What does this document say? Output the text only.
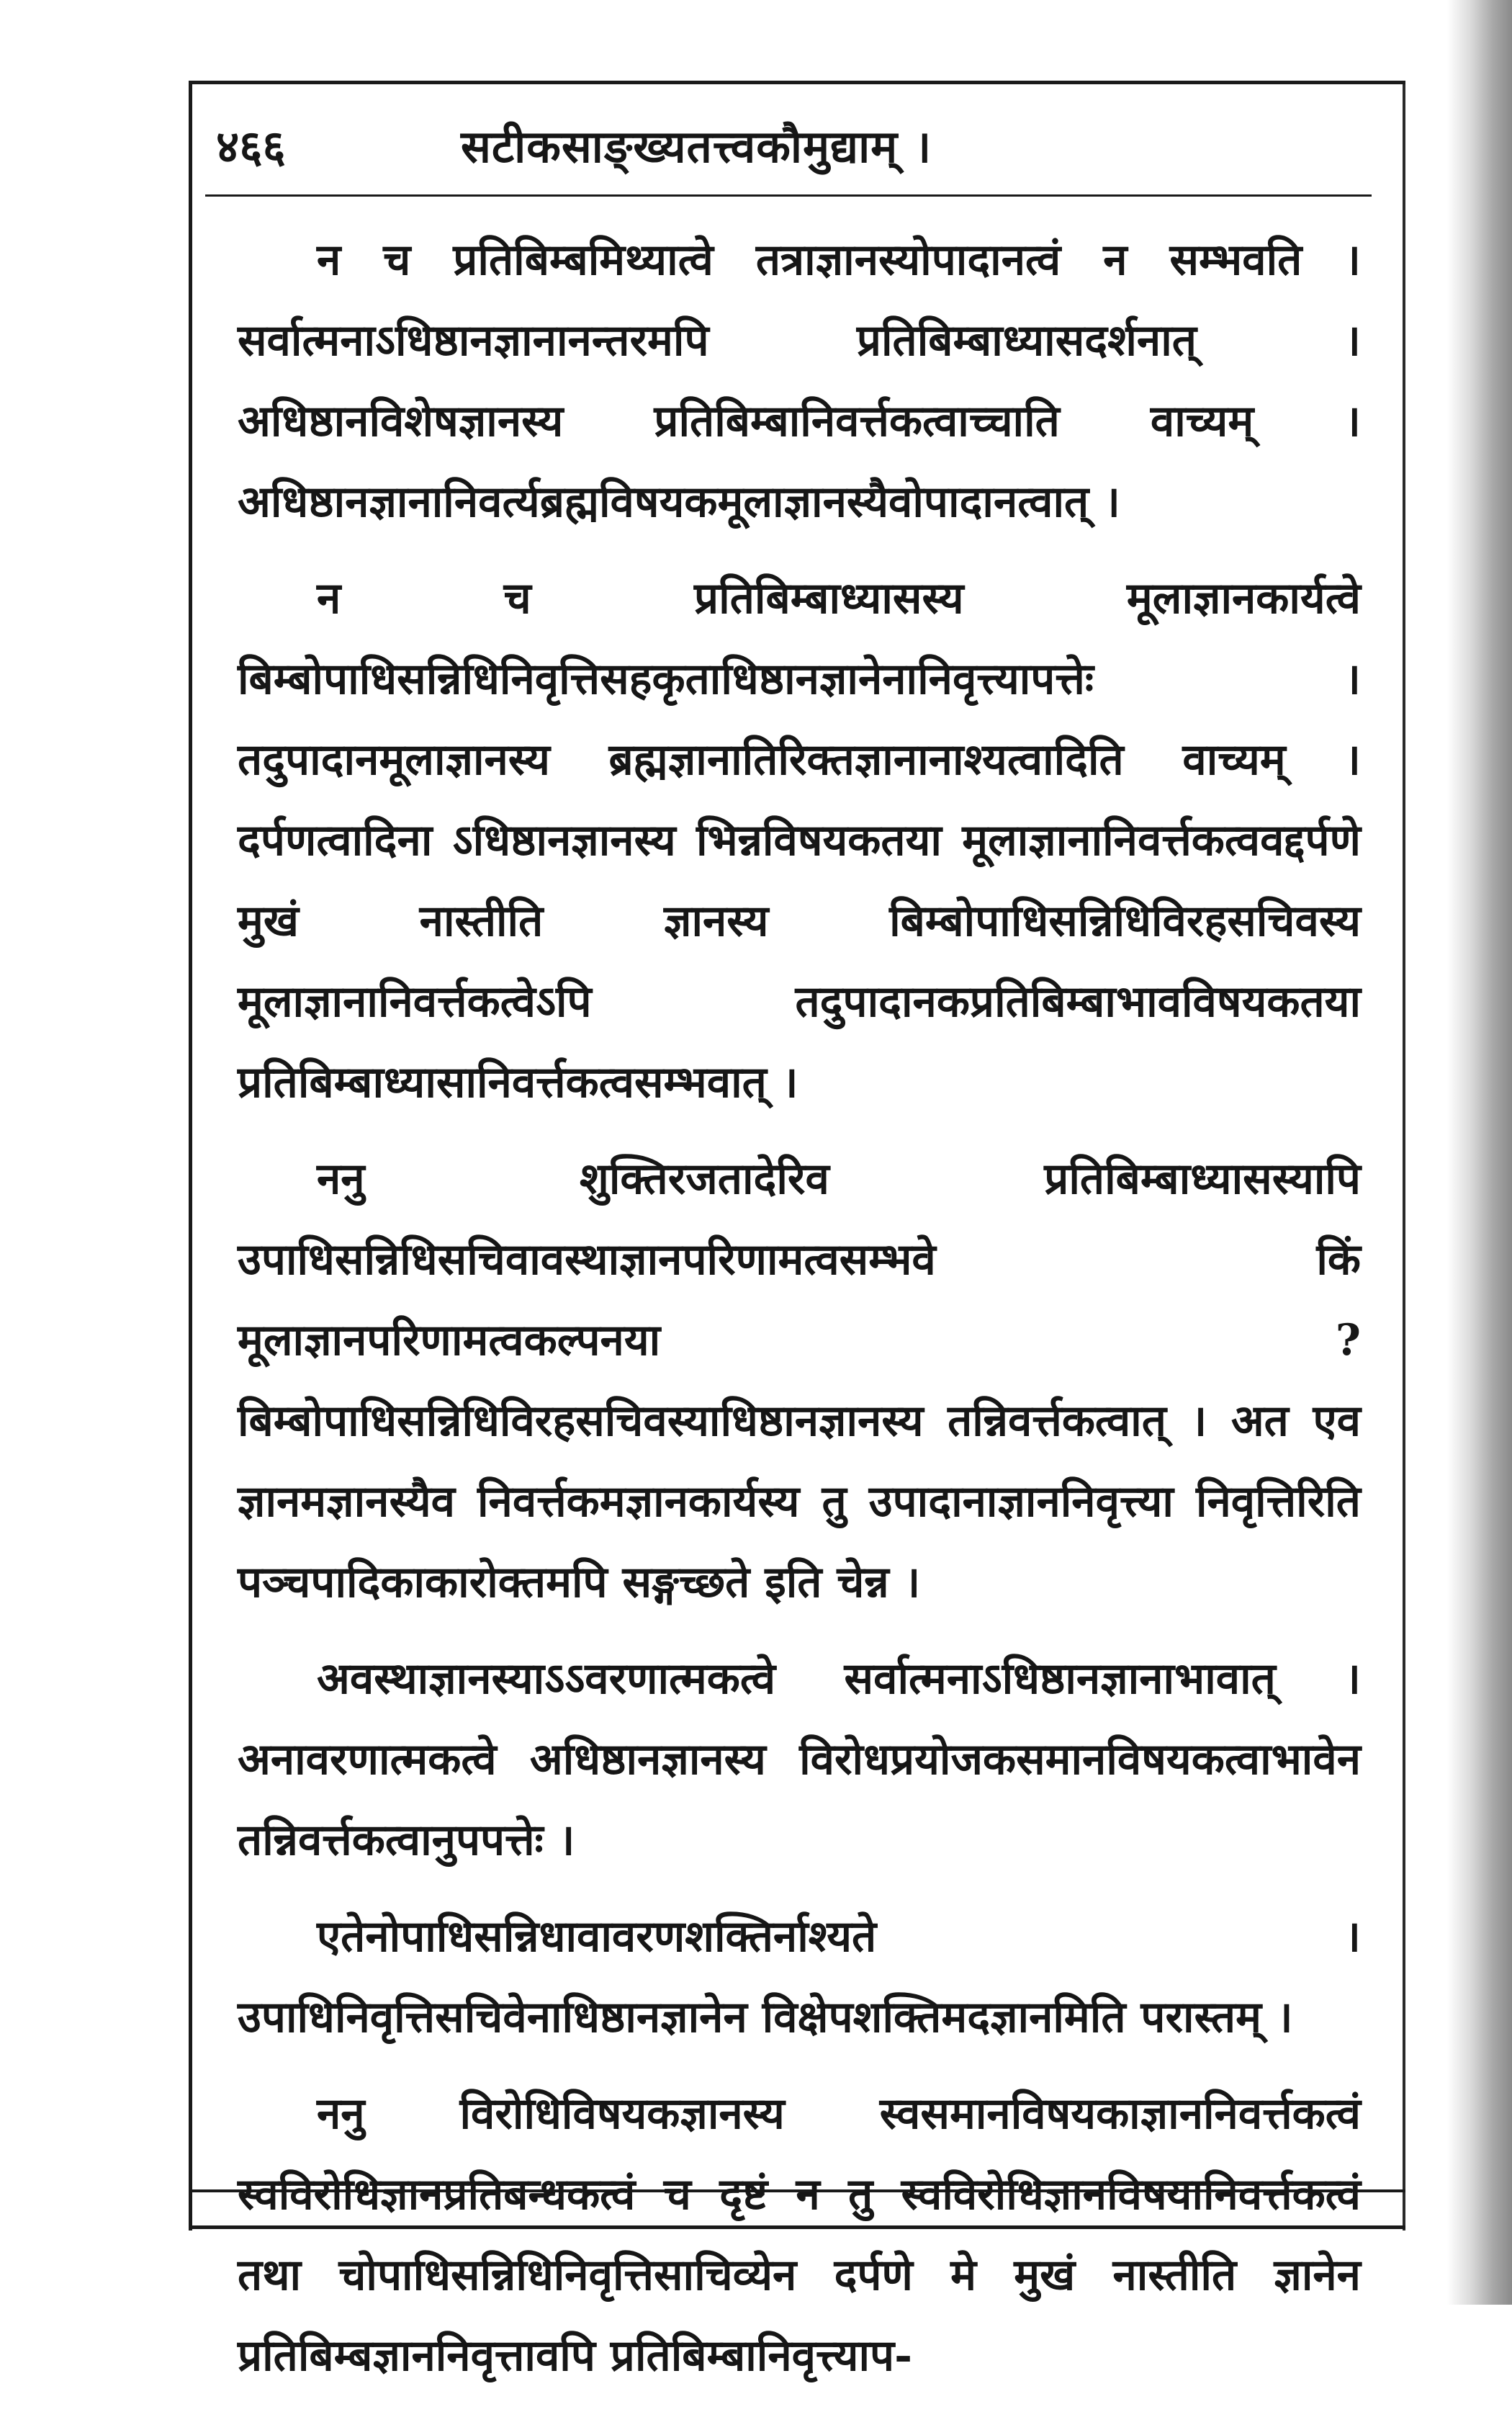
४६६	सटीकसाङ्ख्यतत्त्वकौमुद्याम् ।

न च प्रतिबिम्बमिथ्यात्वे तत्राज्ञानस्योपादानत्वं न सम्भवति । सर्वात्मनाऽधिष्ठानज्ञानानन्तरमपि प्रतिबिम्बाध्यासदर्शनात् । अधिष्ठानविशेषज्ञानस्य प्रतिबिम्बानिवर्त्तकत्वाच्चाति वाच्यम् । अधिष्ठानज्ञानानिवर्त्यब्रह्मविषयकमूलाज्ञानस्यैवोपादानत्वात् ।

न च प्रतिबिम्बाध्यासस्य मूलाज्ञानकार्यत्वे बिम्बोपाधिसन्निधिनिवृत्तिसहकृताधिष्ठानज्ञानेनानिवृत्त्यापत्तेः । तदुपादानमूलाज्ञानस्य ब्रह्मज्ञानातिरिक्तज्ञानानाश्यत्वादिति वाच्यम् । दर्पणत्वादिना ऽधिष्ठानज्ञानस्य भिन्नविषयकतया मूलाज्ञानानिवर्त्तकत्ववद्दर्पणे मुखं नास्तीति ज्ञानस्य बिम्बोपाधिसन्निधिविरहसचिवस्य मूलाज्ञानानिवर्त्तकत्वेऽपि तदुपादानकप्रतिबिम्बाभावविषयकतया प्रतिबिम्बाध्यासानिवर्त्तकत्वसम्भवात् ।

ननु शुक्तिरजतादेरिव प्रतिबिम्बाध्यासस्यापि उपाधिसन्निधिसचिवावस्थाज्ञानपरिणामत्वसम्भवे किं मूलाज्ञानपरिणामत्वकल्पनया ? बिम्बोपाधिसन्निधिविरहसचिवस्याधिष्ठानज्ञानस्य तन्निवर्त्तकत्वात् । अत एव ज्ञानमज्ञानस्यैव निवर्त्तकमज्ञानकार्यस्य तु उपादानाज्ञाननिवृत्त्या निवृत्तिरिति पञ्चपादिकाकारोक्तमपि सङ्गच्छते इति चेन्न ।

अवस्थाज्ञानस्याऽऽवरणात्मकत्वे सर्वात्मनाऽधिष्ठानज्ञानाभावात् । अनावरणात्मकत्वे अधिष्ठानज्ञानस्य विरोधप्रयोजकसमानविषयकत्वाभावेन तन्निवर्त्तकत्वानुपपत्तेः ।

एतेनोपाधिसन्निधावावरणशक्तिर्नाश्यते । उपाधिनिवृत्तिसचिवेनाधिष्ठानज्ञानेन विक्षेपशक्तिमदज्ञानमिति परास्तम् ।

ननु विरोधिविषयकज्ञानस्य स्वसमानविषयकाज्ञाननिवर्त्तकत्वं स्वविरोधिज्ञानप्रतिबन्धकत्वं च दृष्टं न तु स्वविरोधिज्ञानविषयानिवर्त्तकत्वं तथा चोपाधिसन्निधिनिवृत्तिसाचिव्येन दर्पणे मे मुखं नास्तीति ज्ञानेन प्रतिबिम्बज्ञाननिवृत्तावपि प्रतिबिम्बानिवृत्त्याप-
